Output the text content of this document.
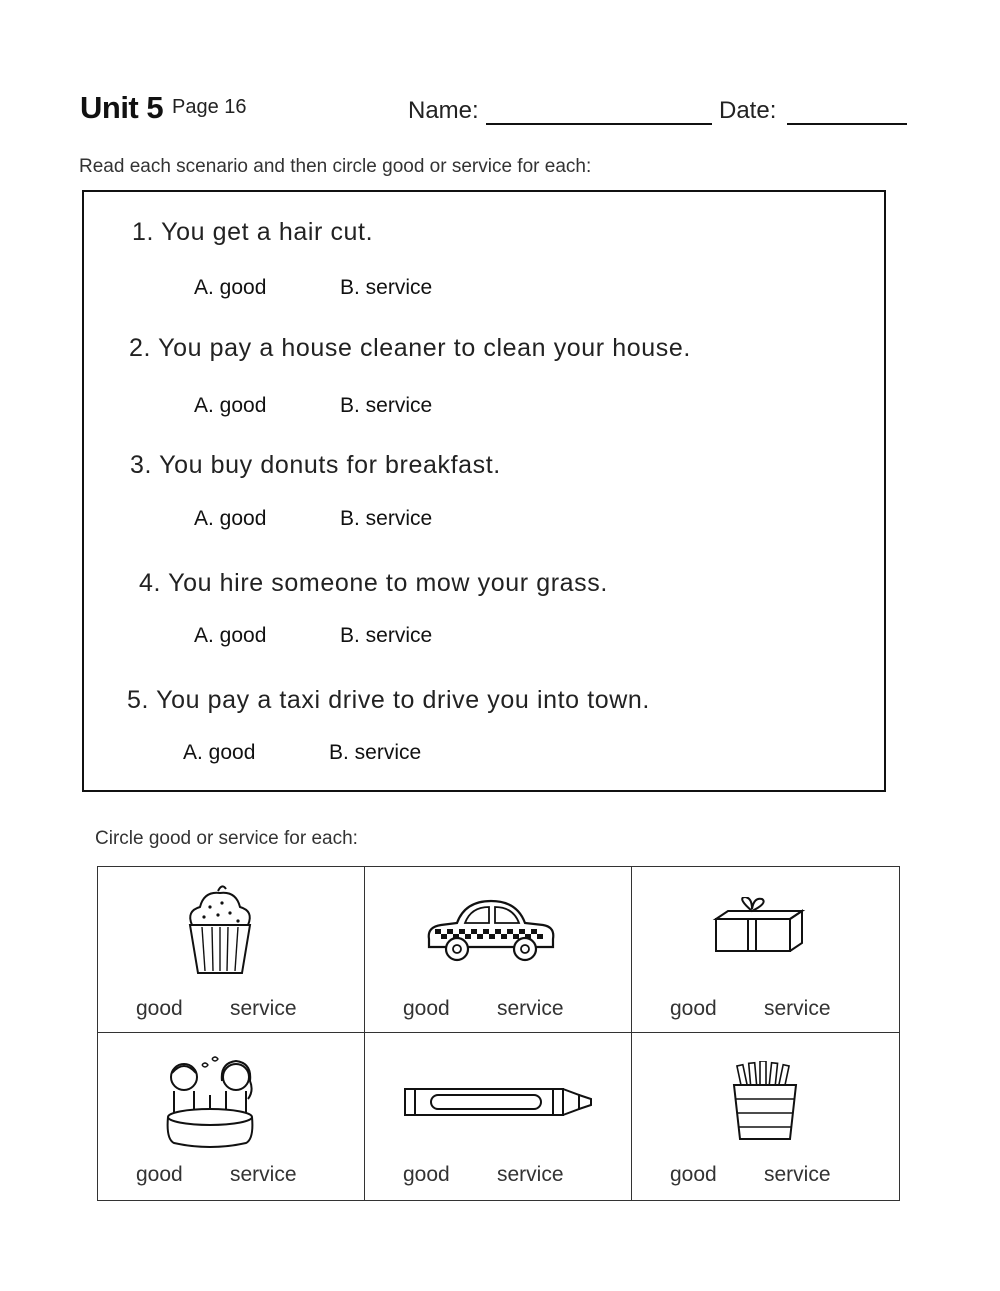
Unit 5 Page 16	Name:	Date:
Read each scenario and then circle good or service for each:
1. You get a hair cut.
A. good	B. service
2. You pay a house cleaner to clean your house.
A. good	B. service
3. You buy donuts for breakfast.
A. good	B. service
4. You hire someone to mow your grass.
A. good	B. service
5. You pay a taxi drive to drive you into town.
A. good	B. service
Circle good or service for each:
good service	good service	good service
good service	good service	good service
